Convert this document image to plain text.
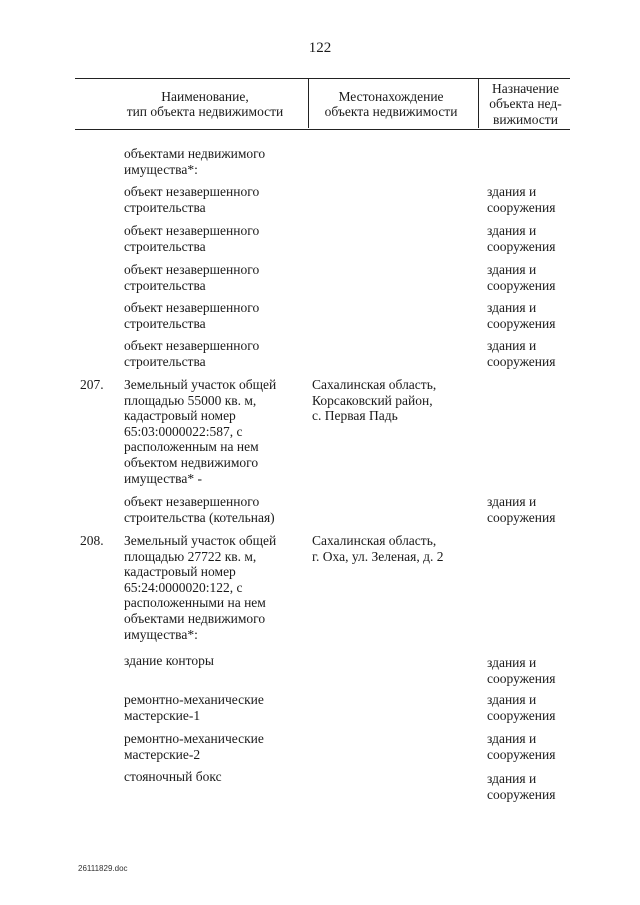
122
Наименование,
тип объекта недвижимости
Местонахождение
объекта недвижимости
Назначение
объекта нед-
вижимости
объектами недвижимого
имущества*:
объект незавершенного
строительства
здания и
сооружения
объект незавершенного
строительства
здания и
сооружения
объект незавершенного
строительства
здания и
сооружения
объект незавершенного
строительства
здания и
сооружения
объект незавершенного
строительства
здания и
сооружения
207. Земельный участок общей
площадью 55000 кв. м,
кадастровый номер
65:03:0000022:587, с
расположенным на нем
объектом недвижимого
имущества* -
Сахалинская область,
Корсаковский район,
с. Первая Падь
объект незавершенного
строительства (котельная)
здания и
сооружения
208. Земельный участок общей
площадью 27722 кв. м,
кадастровый номер
65:24:0000020:122, с
расположенными на нем
объектами недвижимого
имущества*:
Сахалинская область,
г. Оха, ул. Зеленая, д. 2
здание конторы	здания и
сооружения
ремонтно-механические
мастерские-1
здания и
сооружения
ремонтно-механические
мастерские-2
здания и
сооружения
стояночный бокс	здания и
сооружения
26111829.doc
